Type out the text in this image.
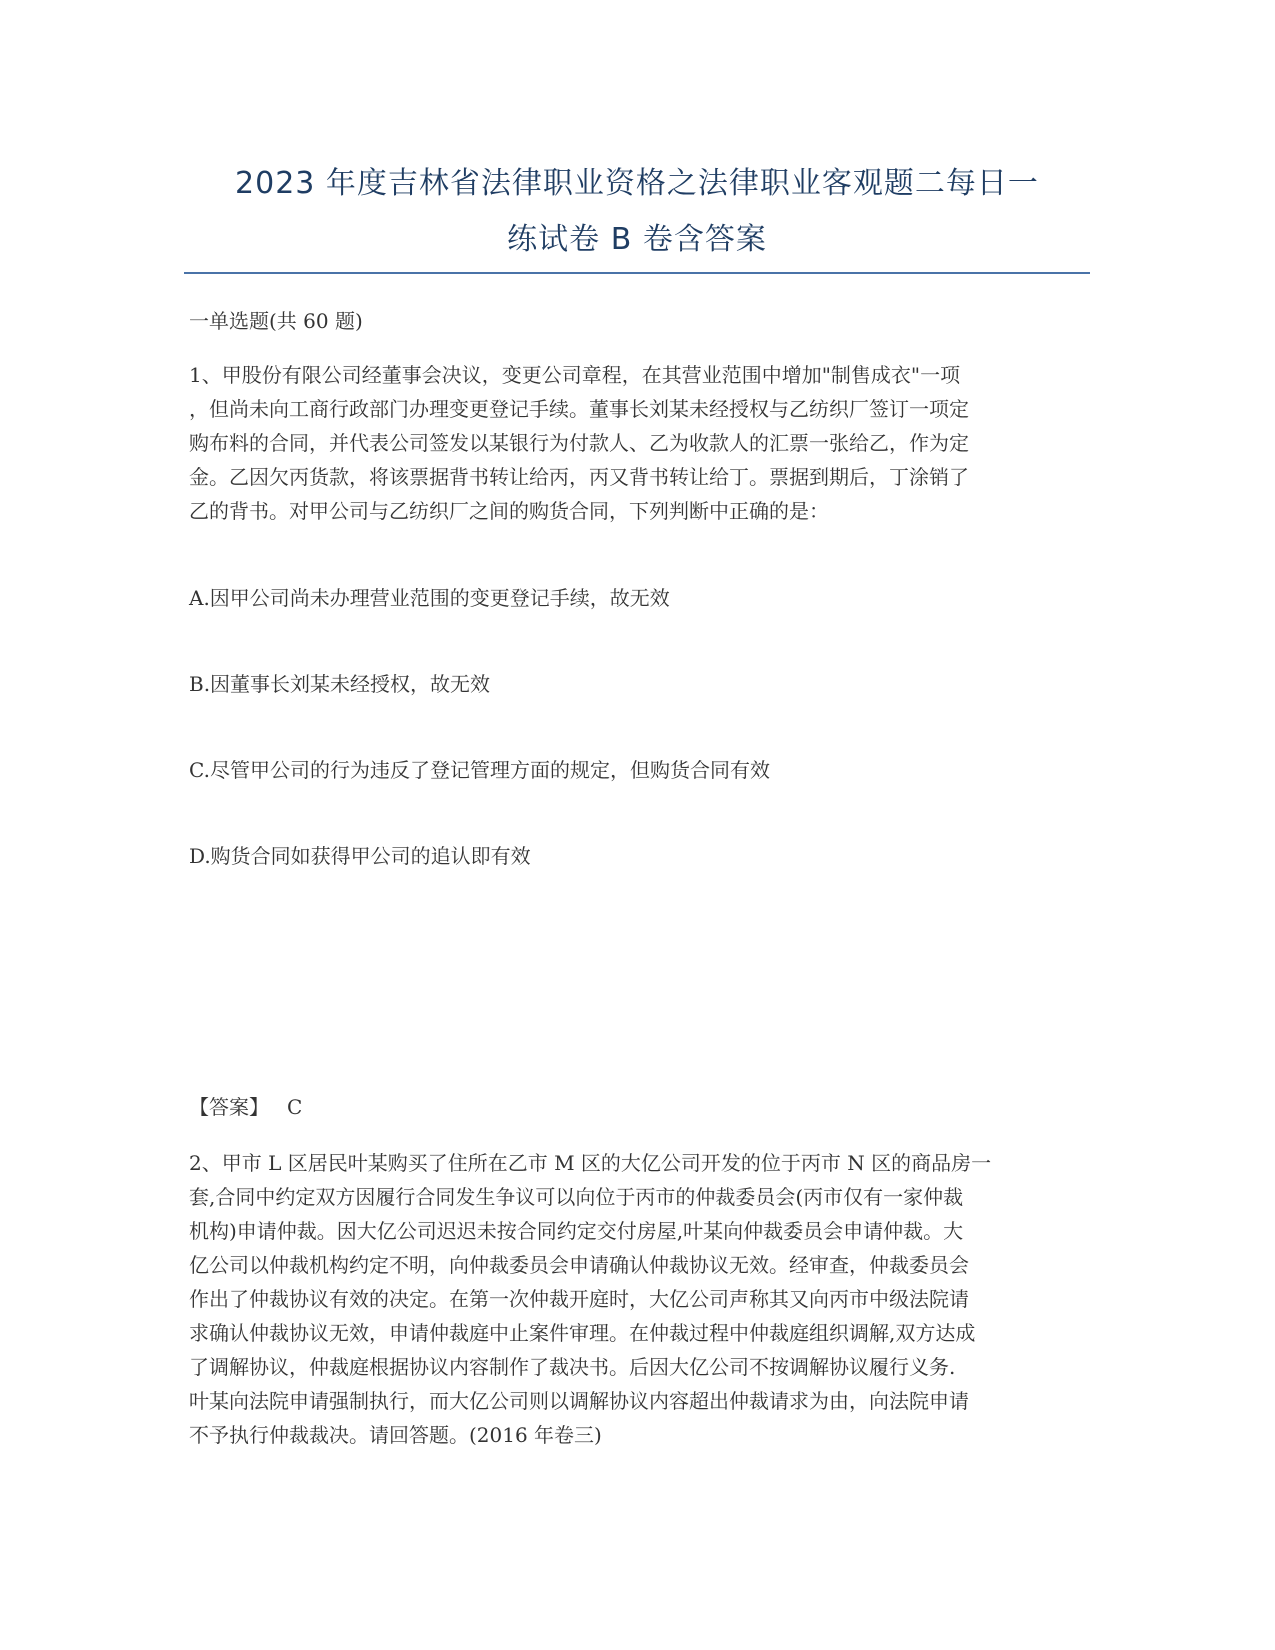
2023 年度吉林省法律职业资格之法律职业客观题二每日一
练试卷 B 卷含答案
一单选题(共 60 题)
1、甲股份有限公司经董事会决议，变更公司章程，在其营业范围中增加"制售成衣"一项
，但尚未向工商行政部门办理变更登记手续。董事长刘某未经授权与乙纺织厂签订一项定
购布料的合同，并代表公司签发以某银行为付款人、乙为收款人的汇票一张给乙，作为定
金。乙因欠丙货款，将该票据背书转让给丙，丙又背书转让给丁。票据到期后，丁涂销了
乙的背书。对甲公司与乙纺织厂之间的购货合同，下列判断中正确的是：
A.因甲公司尚未办理营业范围的变更登记手续，故无效
B.因董事长刘某未经授权，故无效
C.尽管甲公司的行为违反了登记管理方面的规定，但购货合同有效
D.购货合同如获得甲公司的追认即有效
【答案】 C
2、甲市 L 区居民叶某购买了住所在乙市 M 区的大亿公司开发的位于丙市 N 区的商品房一
套,合同中约定双方因履行合同发生争议可以向位于丙市的仲裁委员会(丙市仅有一家仲裁
机构)申请仲裁。因大亿公司迟迟未按合同约定交付房屋,叶某向仲裁委员会申请仲裁。大
亿公司以仲裁机构约定不明，向仲裁委员会申请确认仲裁协议无效。经审查，仲裁委员会
作出了仲裁协议有效的决定。在第一次仲裁开庭时，大亿公司声称其又向丙市中级法院请
求确认仲裁协议无效，申请仲裁庭中止案件审理。在仲裁过程中仲裁庭组织调解,双方达成
了调解协议，仲裁庭根据协议内容制作了裁决书。后因大亿公司不按调解协议履行义务.
叶某向法院申请强制执行，而大亿公司则以调解协议内容超出仲裁请求为由，向法院申请
不予执行仲裁裁决。请回答题。(2016 年卷三)
